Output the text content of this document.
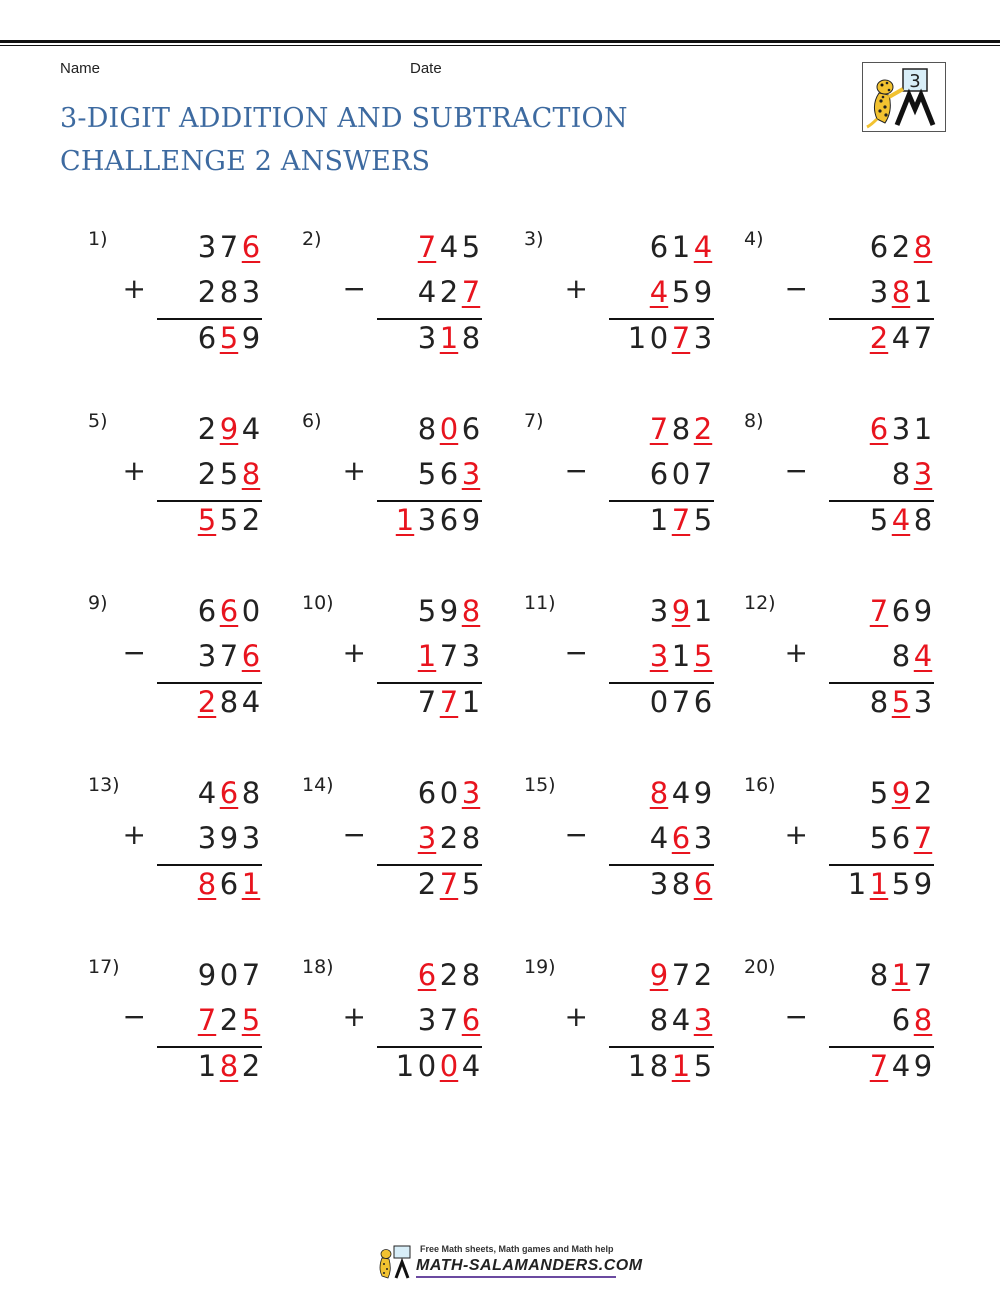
Name	Date
3-DIGIT ADDITION AND SUBTRACTION
CHALLENGE 2 ANSWERS
3
1)
+
3 7 6
2 8 3
6 5 9
2)
−
7 4 5
4 2 7
3 1 8
3)
+
6 1 4
4 5 9
1 0 7 3
4)
−
6 2 8
3 8 1
2 4 7
5)
+
2 9 4
2 5 8
5 5 2
6)
+
8 0 6
5 6 3
1 3 6 9
7)
−
7 8 2
6 0 7
1 7 5
8)
−
6 3 1
8 3
5 4 8
9)
−
6 6 0
3 7 6
2 8 4
10)
+
5 9 8
1 7 3
7 7 1
11)
−
3 9 1
3 1 5
0 7 6
12)
+
7 6 9
8 4
8 5 3
13)
+
4 6 8
3 9 3
8 6 1
14)
−
6 0 3
3 2 8
2 7 5
15)
−
8 4 9
4 6 3
3 8 6
16)
+
5 9 2
5 6 7
1 1 5 9
17)
−
9 0 7
7 2 5
1 8 2
18)
+
6 2 8
3 7 6
1 0 0 4
19)
+
9 7 2
8 4 3
1 8 1 5
20)
−
8 1 7
6 8
7 4 9
Free Math sheets, Math games and Math help
MATH-SALAMANDERS.COM
